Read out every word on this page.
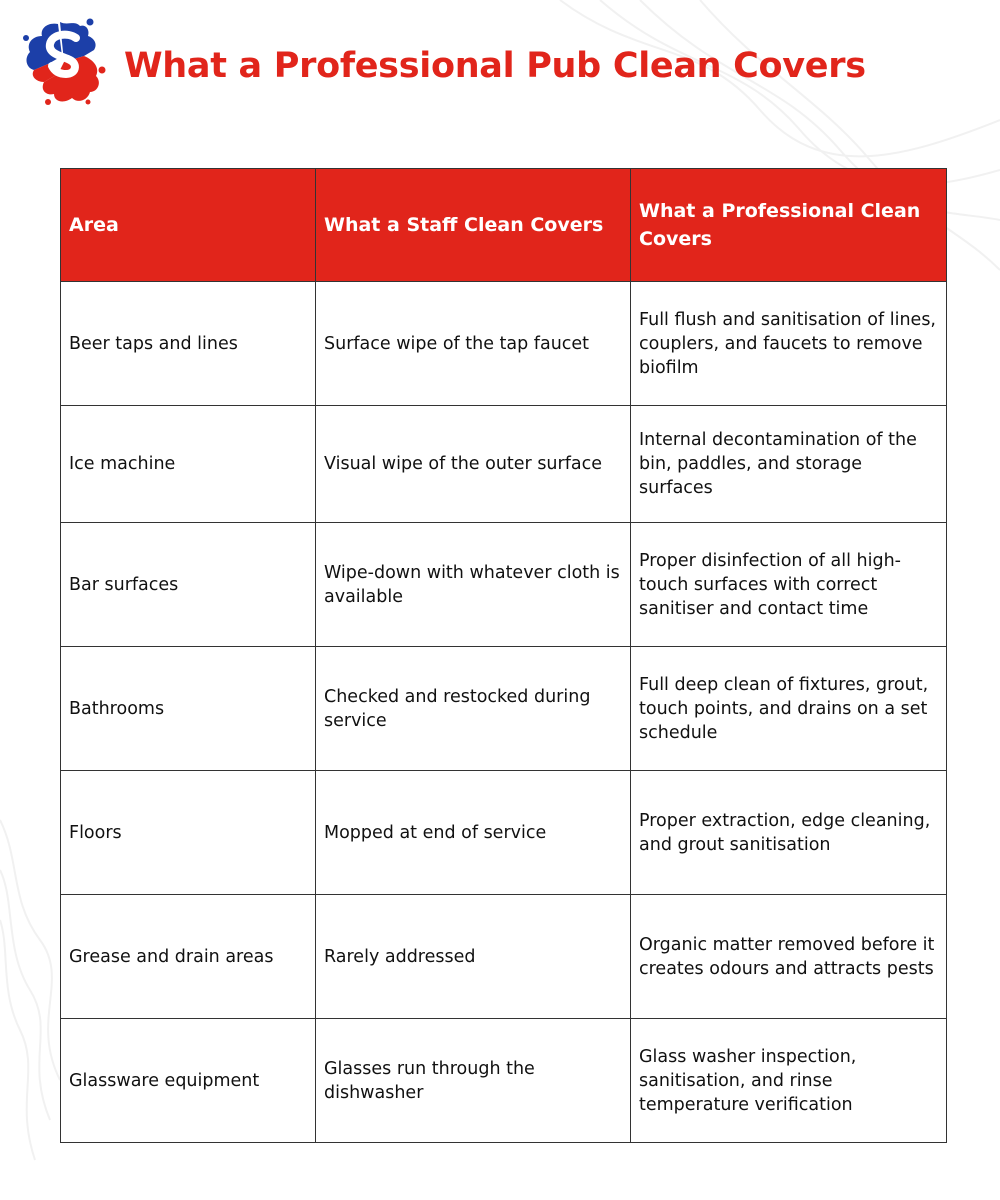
What a Professional Pub Clean Covers
Area	What a Staff Clean Covers	What a Professional Clean Covers
Beer taps and lines	Surface wipe of the tap faucet	Full flush and sanitisation of lines, couplers, and faucets to remove biofilm
Ice machine	Visual wipe of the outer surface	Internal decontamination of the bin, paddles, and storage surfaces
Bar surfaces	Wipe-down with whatever cloth is available	Proper disinfection of all high-touch surfaces with correct sanitiser and contact time
Bathrooms	Checked and restocked during service	Full deep clean of fixtures, grout, touch points, and drains on a set schedule
Floors	Mopped at end of service	Proper extraction, edge cleaning, and grout sanitisation
Grease and drain areas	Rarely addressed	Organic matter removed before it creates odours and attracts pests
Glassware equipment	Glasses run through the dishwasher	Glass washer inspection, sanitisation, and rinse temperature verification
